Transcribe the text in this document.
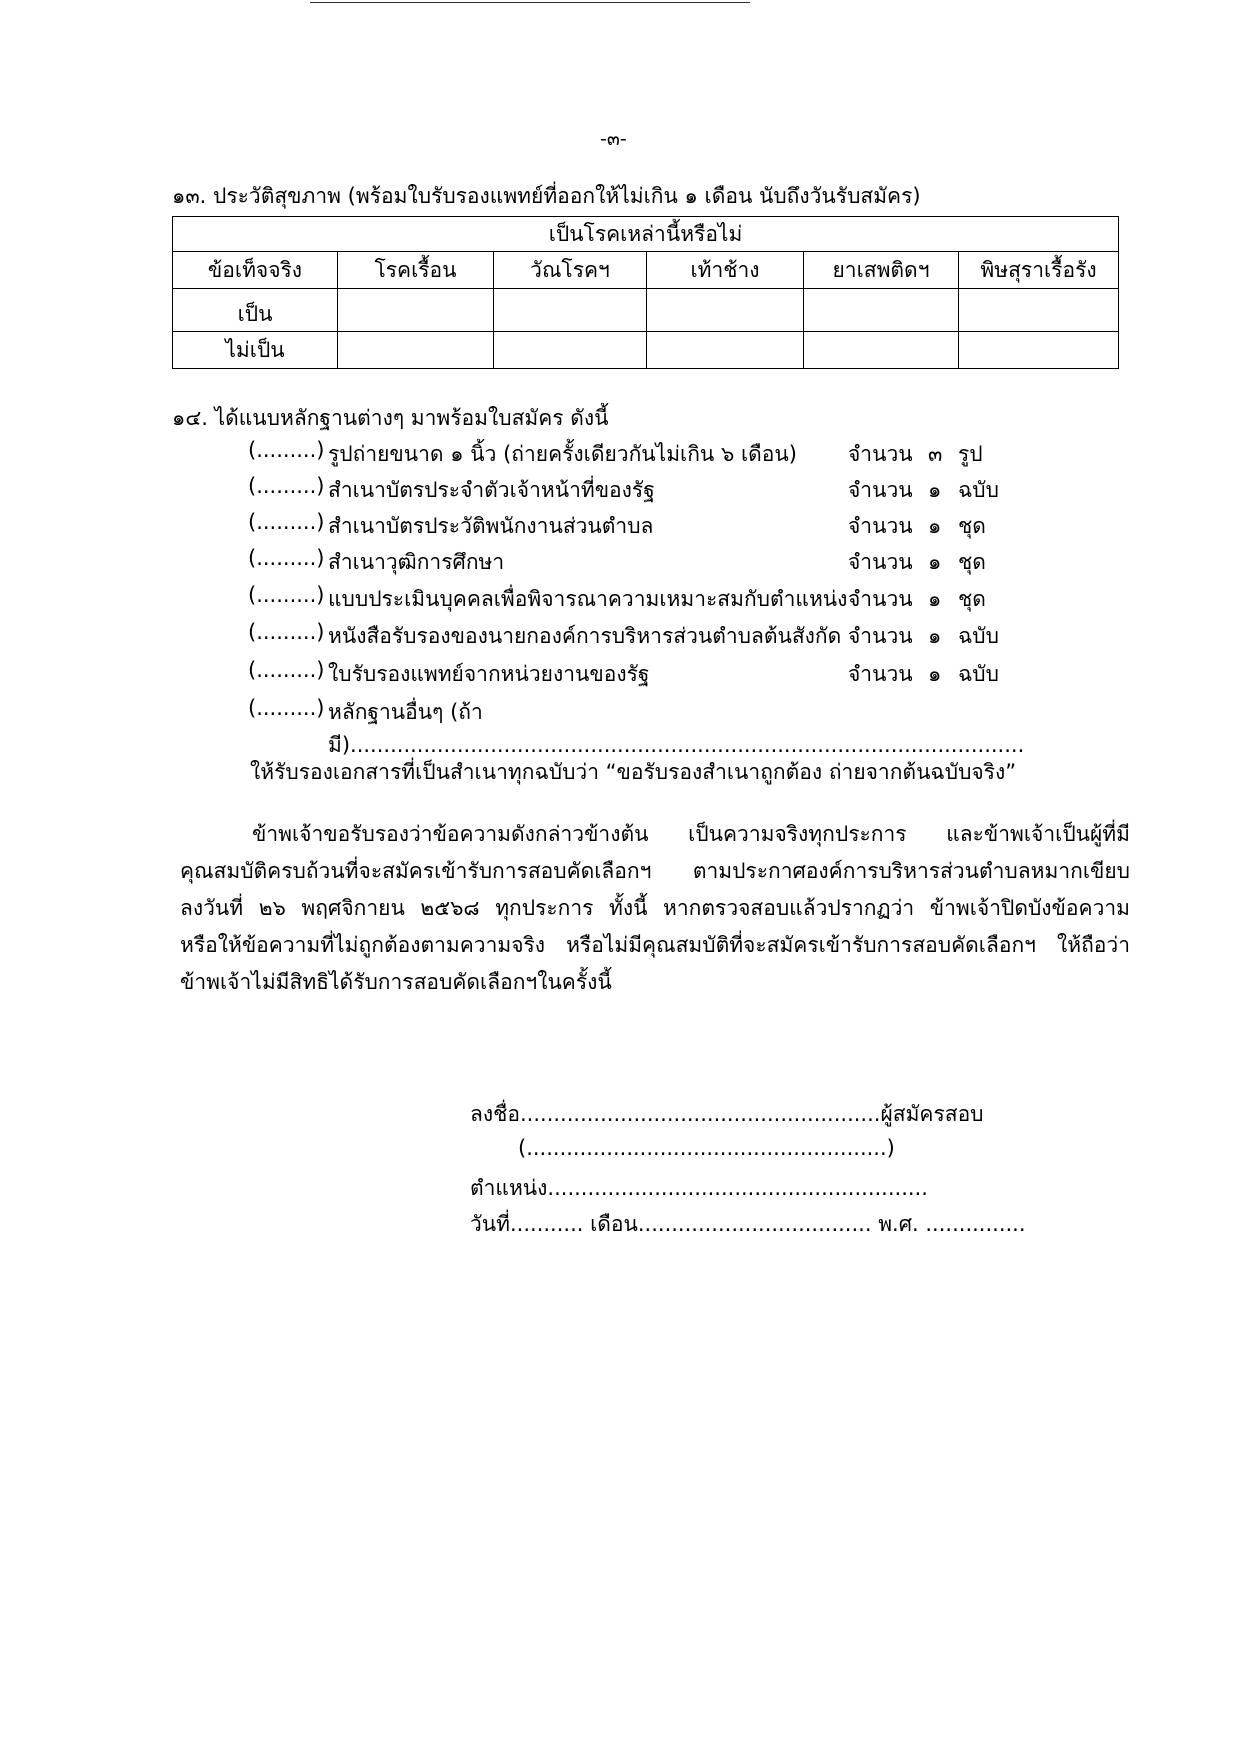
-๓-
๑๓. ประวัติสุขภาพ (พร้อมใบรับรองแพทย์ที่ออกให้ไม่เกิน ๑ เดือน นับถึงวันรับสมัคร)
เป็นโรคเหล่านี้หรือไม่					
ข้อเท็จจริง	โรคเรื้อน	วัณโรคฯ	เท้าช้าง	ยาเสพติดฯ	พิษสุราเรื้อรัง
เป็น					
ไม่เป็น					
๑๔. ได้แนบหลักฐานต่างๆ มาพร้อมใบสมัคร ดังนี้
(.........) รูปถ่ายขนาด ๑ นิ้ว (ถ่ายครั้งเดียวกันไม่เกิน ๖ เดือน) จำนวน ๓ รูป
(.........) สำเนาบัตรประจำตัวเจ้าหน้าที่ของรัฐ	จำนวน ๑ ฉบับ
(.........) สำเนาบัตรประวัติพนักงานส่วนตำบล	จำนวน ๑ ชุด
(.........) สำเนาวุฒิการศึกษา	จำนวน ๑ ชุด
(.........) แบบประเมินบุคคลเพื่อพิจารณาความเหมาะสมกับตำแหน่ง จำนวน ๑ ชุด
(.........) หนังสือรับรองของนายกองค์การบริหารส่วนตำบลต้นสังกัด จำนวน ๑ ฉบับ
(.........) ใบรับรองแพทย์จากหน่วยงานของรัฐ	จำนวน ๑ ฉบับ
(.........) หลักฐานอื่นๆ (ถ้ามี).....................................................................................................
ให้รับรองเอกสารที่เป็นสำเนาทุกฉบับว่า “ขอรับรองสำเนาถูกต้อง ถ่ายจากต้นฉบับจริง”
ข้าพเจ้าขอรับรองว่าข้อความดังกล่าวข้างต้น เป็นความจริงทุกประการ และข้าพเจ้าเป็นผู้ที่มี
คุณสมบัติครบถ้วนที่จะสมัครเข้ารับการสอบคัดเลือกฯ ตามประกาศองค์การบริหารส่วนตำบลหมากเขียบ
ลงวันที่ ๒๖ พฤศจิกายน ๒๕๖๘ ทุกประการ ทั้งนี้ หากตรวจสอบแล้วปรากฏว่า ข้าพเจ้าปิดบังข้อความ
หรือให้ข้อความที่ไม่ถูกต้องตามความจริง หรือไม่มีคุณสมบัติที่จะสมัครเข้ารับการสอบคัดเลือกฯ ให้ถือว่า
ข้าพเจ้าไม่มีสิทธิได้รับการสอบคัดเลือกฯในครั้งนี้
ลงชื่อ......................................................ผู้สมัครสอบ
(......................................................)
ตำแหน่ง.........................................................
วันที่........... เดือน................................... พ.ศ. ...............
